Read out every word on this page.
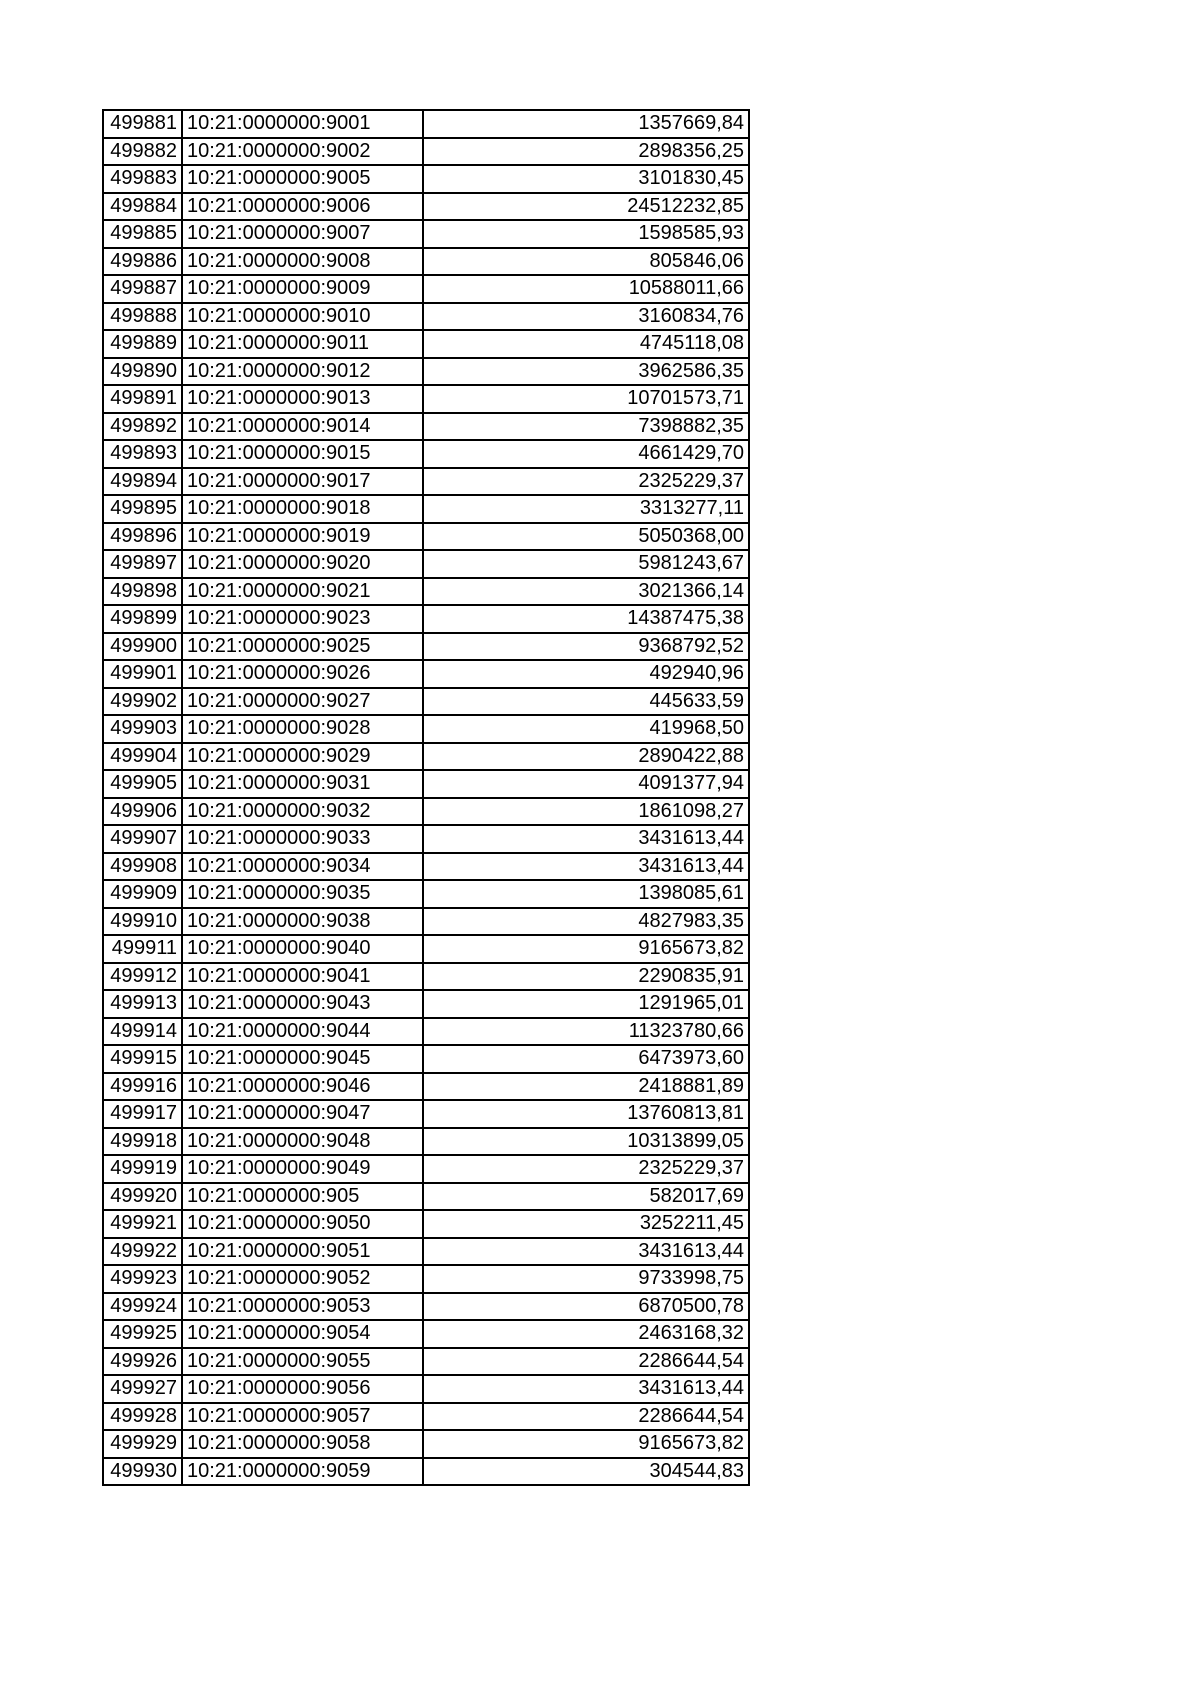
499881	10:21:0000000:9001	1357669,84
499882	10:21:0000000:9002	2898356,25
499883	10:21:0000000:9005	3101830,45
499884	10:21:0000000:9006	24512232,85
499885	10:21:0000000:9007	1598585,93
499886	10:21:0000000:9008	805846,06
499887	10:21:0000000:9009	10588011,66
499888	10:21:0000000:9010	3160834,76
499889	10:21:0000000:9011	4745118,08
499890	10:21:0000000:9012	3962586,35
499891	10:21:0000000:9013	10701573,71
499892	10:21:0000000:9014	7398882,35
499893	10:21:0000000:9015	4661429,70
499894	10:21:0000000:9017	2325229,37
499895	10:21:0000000:9018	3313277,11
499896	10:21:0000000:9019	5050368,00
499897	10:21:0000000:9020	5981243,67
499898	10:21:0000000:9021	3021366,14
499899	10:21:0000000:9023	14387475,38
499900	10:21:0000000:9025	9368792,52
499901	10:21:0000000:9026	492940,96
499902	10:21:0000000:9027	445633,59
499903	10:21:0000000:9028	419968,50
499904	10:21:0000000:9029	2890422,88
499905	10:21:0000000:9031	4091377,94
499906	10:21:0000000:9032	1861098,27
499907	10:21:0000000:9033	3431613,44
499908	10:21:0000000:9034	3431613,44
499909	10:21:0000000:9035	1398085,61
499910	10:21:0000000:9038	4827983,35
499911	10:21:0000000:9040	9165673,82
499912	10:21:0000000:9041	2290835,91
499913	10:21:0000000:9043	1291965,01
499914	10:21:0000000:9044	11323780,66
499915	10:21:0000000:9045	6473973,60
499916	10:21:0000000:9046	2418881,89
499917	10:21:0000000:9047	13760813,81
499918	10:21:0000000:9048	10313899,05
499919	10:21:0000000:9049	2325229,37
499920	10:21:0000000:905	582017,69
499921	10:21:0000000:9050	3252211,45
499922	10:21:0000000:9051	3431613,44
499923	10:21:0000000:9052	9733998,75
499924	10:21:0000000:9053	6870500,78
499925	10:21:0000000:9054	2463168,32
499926	10:21:0000000:9055	2286644,54
499927	10:21:0000000:9056	3431613,44
499928	10:21:0000000:9057	2286644,54
499929	10:21:0000000:9058	9165673,82
499930	10:21:0000000:9059	304544,83
